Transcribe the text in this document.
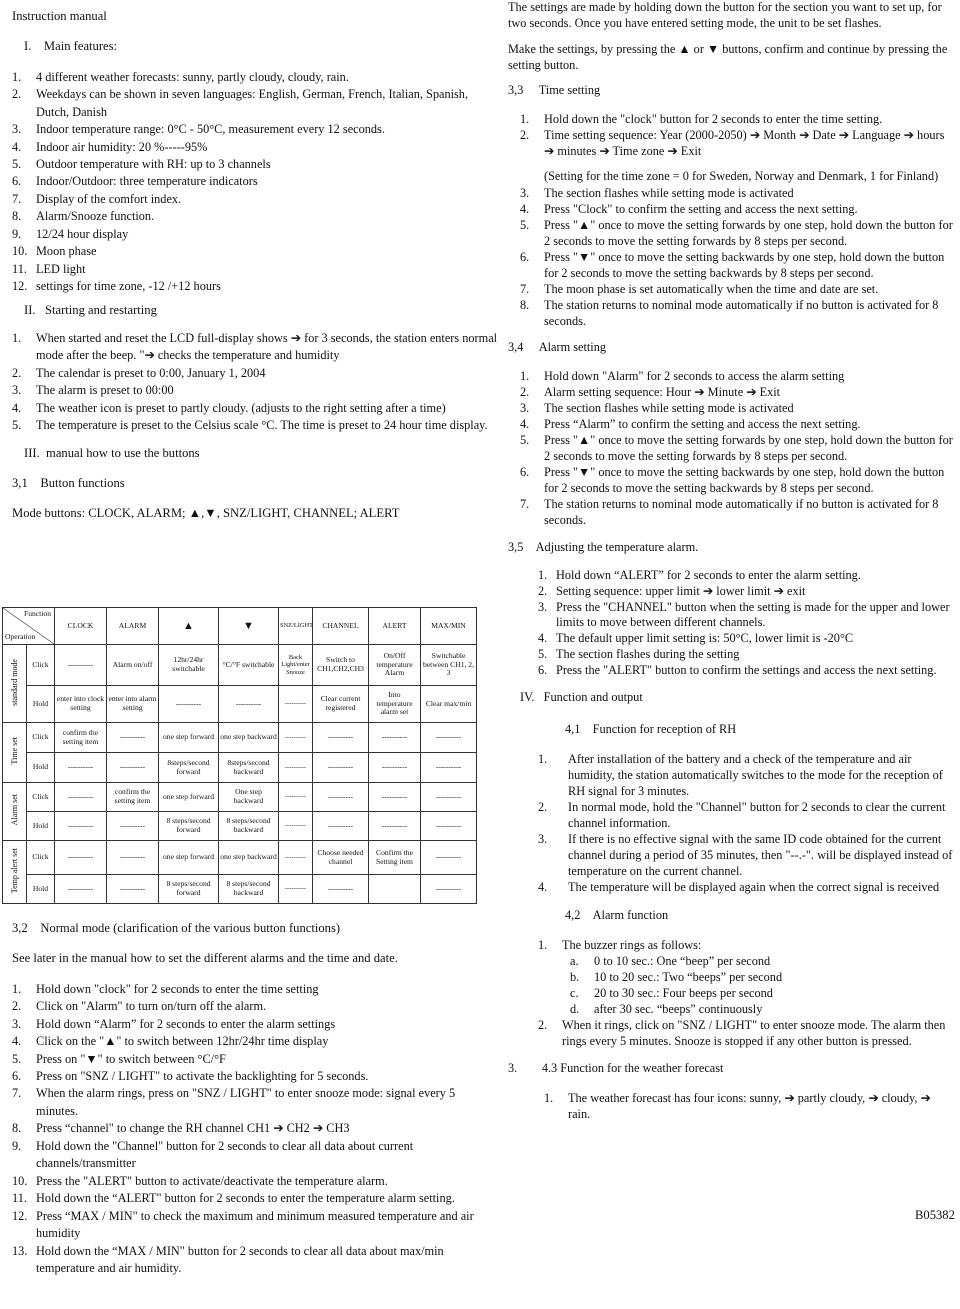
Instruction manual

I.    Main features:

1. 4 different weather forecasts: sunny, partly cloudy, cloudy, rain.
2. Weekdays can be shown in seven languages: English, German, French, Italian, Spanish, Dutch, Danish
3. Indoor temperature range: 0°C - 50°C, measurement every 12 seconds.
4. Indoor air humidity: 20 %-----95%
5. Outdoor temperature with RH: up to 3 channels
6. Indoor/Outdoor: three temperature indicators
7. Display of the comfort index.
8. Alarm/Snooze function.
9. 12/24 hour display
10. Moon phase
11. LED light
12. settings for time zone, -12 /+12 hours

II.   Starting and restarting

1. When started and reset the LCD full-display shows ➔ for 3 seconds, the station enters normal mode after the beep. "➔ checks the temperature and humidity
2. The calendar is preset to 0:00, January 1, 2004
3. The alarm is preset to 00:00
4. The weather icon is preset to partly cloudy. (adjusts to the right setting after a time)
5. The temperature is preset to the Celsius scale °C. The time is preset to 24 hour time display.

III.  manual how to use the buttons

3,1    Button functions

Mode buttons: CLOCK, ALARM; ▲,▼, SNZ/LIGHT, CHANNEL; ALERT

Function
Operation		CLOCK	ALARM	▲	▼	SNZ/LIGHT	CHANNEL	ALERT	MAX/MIN
standard mode	Click	----------	Alarm on/off	12hr/24hr switchable	°C/°F switchable	Back Light/enter Snooze	Switch to CH1,CH2,CH3	On/Off temperature Alarm	Switchable between CH1, 2, 3
	Hold	enter into clock setting	enter into alarm setting	----------	----------	----------	Clear current registered	Into temperature alarm set	Clear max/min
Time set	Click	confirm the setting item	----------	one step forward	one step backward	----------	----------	----------	----------
	Hold	----------	----------	8steps/second forward	8steps/second backward	----------	----------	----------	----------
Alarm set	Click	----------	confirm the setting item	one step forward	One step backward	----------	----------	----------	----------
	Hold	----------	----------	8 steps/second forward	8 steps/second backward	----------	----------	----------	----------
Temp alert set	Click	----------	----------	one step forward	one step backward	----------	Choose needed channel	Confirm the Setting item	----------
	Hold	----------	----------	8 steps/second forward	8 steps/second backward	----------	----------		----------

3,2    Normal mode (clarification of the various button functions)

See later in the manual how to set the different alarms and the time and date.

1. Hold down "clock" for 2 seconds to enter the time setting
2. Click on "Alarm" to turn on/turn off the alarm.
3. Hold down “Alarm” for 2 seconds to enter the alarm settings
4. Click on the "▲" to switch between 12hr/24hr time display
5. Press on "▼" to switch between °C/°F
6. Press on "SNZ / LIGHT" to activate the backlighting for 5 seconds.
7. When the alarm rings, press on "SNZ / LIGHT" to enter snooze mode: signal every 5 minutes.
8. Press “channel" to change the RH channel CH1 ➔ CH2 ➔ CH3
9. Hold down the "Channel" button for 2 seconds to clear all data about current channels/transmitter
10. Press the "ALERT" button to activate/deactivate the temperature alarm.
11. Hold down the “ALERT" button for 2 seconds to enter the temperature alarm setting.
12. Press “MAX / MIN" to check the maximum and minimum measured temperature and air humidity
13. Hold down the “MAX / MIN" button for 2 seconds to clear all data about max/min temperature and air humidity.

The settings are made by holding down the button for the section you want to set up, for two seconds. Once you have entered setting mode, the unit to be set flashes.

Make the settings, by pressing the ▲ or ▼ buttons, confirm and continue by pressing the setting button.

3,3     Time setting

1. Hold down the "clock" button for 2 seconds to enter the time setting.
2. Time setting sequence: Year (2000-2050) ➔ Month ➔ Date ➔ Language ➔ hours ➔ minutes ➔ Time zone ➔ Exit

(Setting for the time zone = 0 for Sweden, Norway and Denmark, 1 for Finland)

3. The section flashes while setting mode is activated
4. Press "Clock" to confirm the setting and access the next setting.
5. Press "▲" once to move the setting forwards by one step, hold down the button for 2 seconds to move the setting forwards by 8 steps per second.
6. Press "▼" once to move the setting backwards by one step, hold down the button for 2 seconds to move the setting backwards by 8 steps per second.
7. The moon phase is set automatically when the time and date are set.
8. The station returns to nominal mode automatically if no button is activated for 8 seconds.

3,4     Alarm setting

1. Hold down "Alarm" for 2 seconds to access the alarm setting
2. Alarm setting sequence: Hour ➔ Minute ➔ Exit
3. The section flashes while setting mode is activated
4. Press “Alarm” to confirm the setting and access the next setting.
5. Press "▲" once to move the setting forwards by one step, hold down the button for 2 seconds to move the setting forwards by 8 steps per second.
6. Press "▼" once to move the setting backwards by one step, hold down the button for 2 seconds to move the setting backwards by 8 steps per second.
7. The station returns to nominal mode automatically if no button is activated for 8 seconds.

3,5    Adjusting the temperature alarm.

1. Hold down “ALERT” for 2 seconds to enter the alarm setting.
2. Setting sequence: upper limit ➔ lower limit ➔ exit
3. Press the "CHANNEL" button when the setting is made for the upper and lower limits to move between different channels.
4. The default upper limit setting is: 50°C, lower limit is -20°C
5. The section flashes during the setting
6. Press the "ALERT" button to confirm the settings and access the next setting.

IV.   Function and output

4,1    Function for reception of RH

1. After installation of the battery and a check of the temperature and air humidity, the station automatically switches to the mode for the reception of RH signal for 3 minutes.
2. In normal mode, hold the "Channel" button for 2 seconds to clear the current channel information.
3. If there is no effective signal with the same ID code obtained for the current channel during a period of 35 minutes, then "--.-". will be displayed instead of temperature on the current channel.
4. The temperature will be displayed again when the correct signal is received

4,2    Alarm function

1. The buzzer rings as follows:
a. 0 to 10 sec.: One “beep” per second
b. 10 to 20 sec.: Two “beeps” per second
c. 20 to 30 sec.: Four beeps per second
d. after 30 sec. “beeps” continuously
2. When it rings, click on "SNZ / LIGHT" to enter snooze mode. The alarm then rings every 5 minutes. Snooze is stopped if any other button is pressed.

3.        4.3 Function for the weather forecast

1. The weather forecast has four icons: sunny, ➔ partly cloudy, ➔ cloudy, ➔ rain.
B05382
